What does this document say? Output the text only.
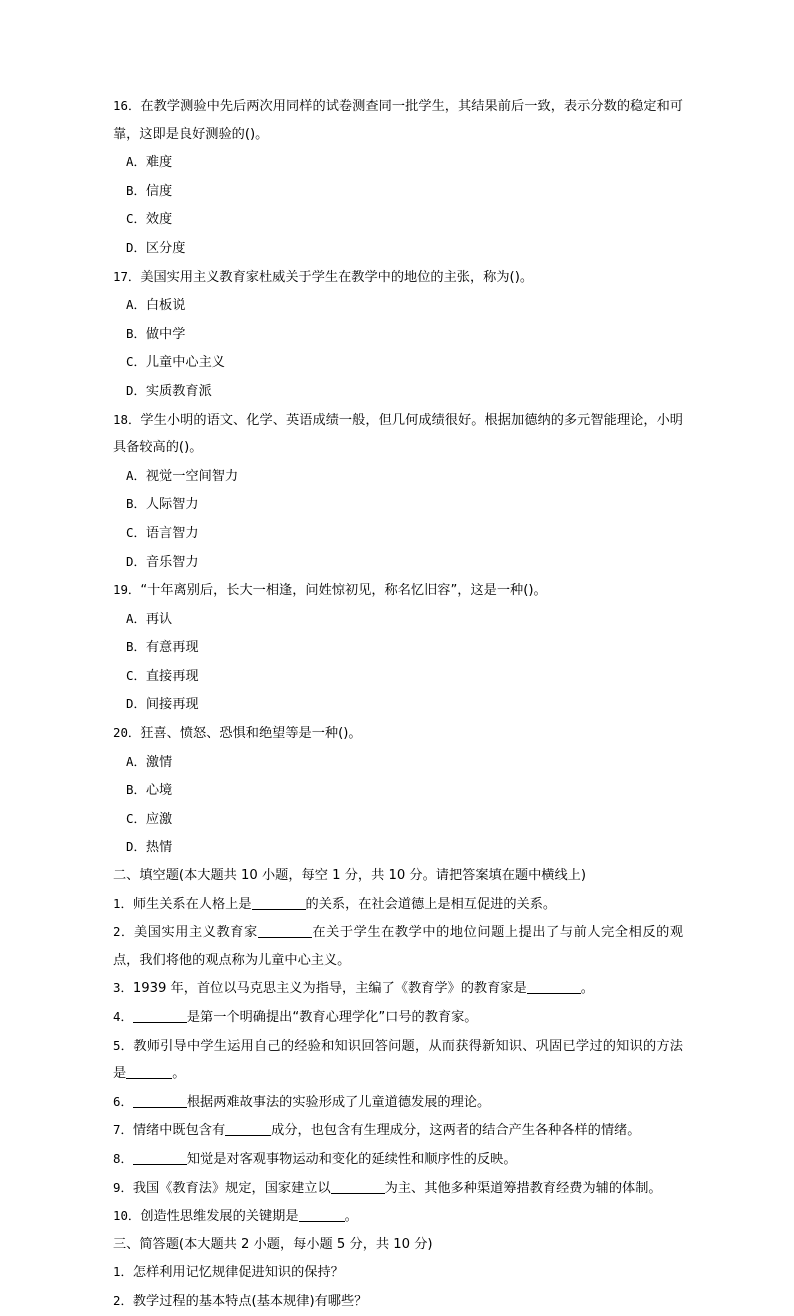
16．在教学测验中先后两次用同样的试卷测查同一批学生，其结果前后一致，表示分数的稳定和可靠，这即是良好测验的()。
A．难度
B．信度
C．效度
D．区分度
17．美国实用主义教育家杜威关于学生在教学中的地位的主张，称为()。
A．白板说
B．做中学
C．儿童中心主义
D．实质教育派
18．学生小明的语文、化学、英语成绩一般，但几何成绩很好。根据加德纳的多元智能理论，小明具备较高的()。
A．视觉一空间智力
B．人际智力
C．语言智力
D．音乐智力
19．“十年离别后，长大一相逢，问姓惊初见，称名忆旧容”，这是一种()。
A．再认
B．有意再现
C．直接再现
D．间接再现
20．狂喜、愤怒、恐惧和绝望等是一种()。
A．激情
B．心境
C．应激
D．热情
二、填空题(本大题共 10 小题，每空 1 分，共 10 分。请把答案填在题中横线上)
1．师生关系在人格上是	的关系，在社会道德上是相互促进的关系。
2．美国实用主义教育家	在关于学生在教学中的地位问题上提出了与前人完全相反的观点，我们将他的观点称为儿童中心主义。
3．1939 年，首位以马克思主义为指导，主编了《教育学》的教育家是	。
4．	是第一个明确提出“教育心理学化”口号的教育家。
5．教师引导中学生运用自己的经验和知识回答问题，从而获得新知识、巩固已学过的知识的方法是	。
6．	根据两难故事法的实验形成了儿童道德发展的理论。
7．情绪中既包含有	成分，也包含有生理成分，这两者的结合产生各种各样的情绪。
8．	知觉是对客观事物运动和变化的延续性和顺序性的反映。
9．我国《教育法》规定，国家建立以	为主、其他多种渠道筹措教育经费为辅的体制。
10．创造性思维发展的关键期是	。
三、简答题(本大题共 2 小题，每小题 5 分，共 10 分)
1．怎样利用记忆规律促进知识的保持？
2．教学过程的基本特点(基本规律)有哪些？
